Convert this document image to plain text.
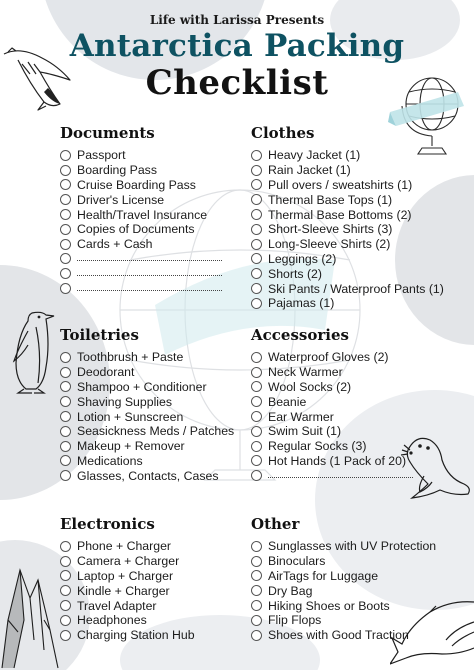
Life with Larissa Presents
Antarctica Packing
Checklist
Documents
Passport
Boarding Pass
Cruise Boarding Pass
Driver's License
Health/Travel Insurance
Copies of Documents
Cards + Cash
Clothes
Heavy Jacket (1)
Rain Jacket (1)
Pull overs / sweatshirts (1)
Thermal Base Tops (1)
Thermal Base Bottoms (2)
Short-Sleeve Shirts (3)
Long-Sleeve Shirts (2)
Leggings (2)
Shorts (2)
Ski Pants / Waterproof Pants (1)
Pajamas (1)
Toiletries
Toothbrush + Paste
Deodorant
Shampoo + Conditioner
Shaving Supplies
Lotion + Sunscreen
Seasickness Meds / Patches
Makeup + Remover
Medications
Glasses, Contacts, Cases
Accessories
Waterproof Gloves (2)
Neck Warmer
Wool Socks (2)
Beanie
Ear Warmer
Swim Suit (1)
Regular Socks (3)
Hot Hands (1 Pack of 20)
Electronics
Phone + Charger
Camera + Charger
Laptop + Charger
Kindle + Charger
Travel Adapter
Headphones
Charging Station Hub
Other
Sunglasses with UV Protection
Binoculars
AirTags for Luggage
Dry Bag
Hiking Shoes or Boots
Flip Flops
Shoes with Good Traction
